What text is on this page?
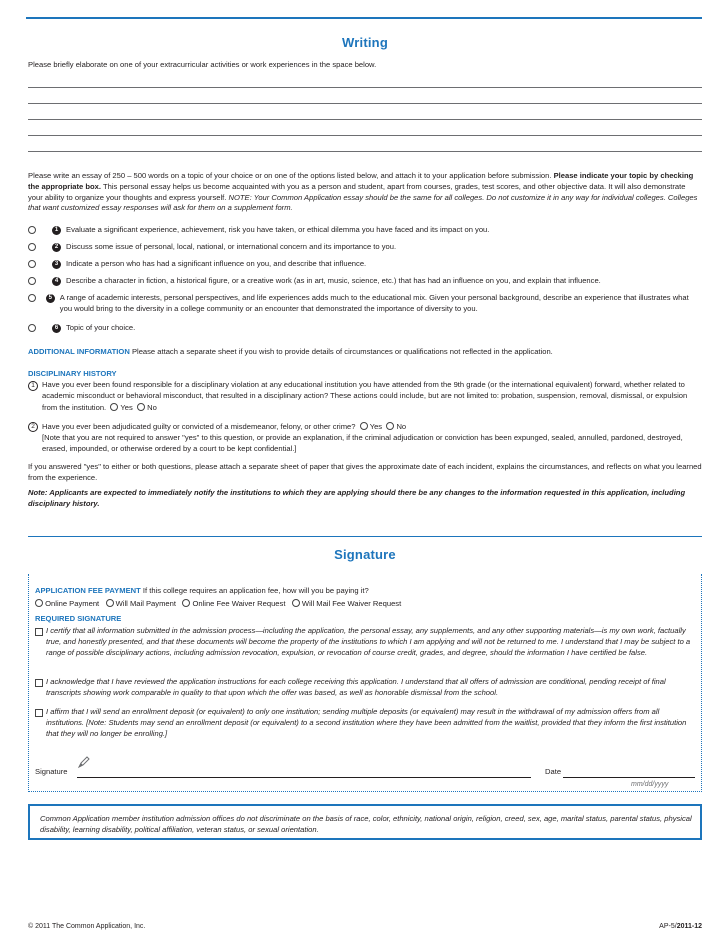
Writing
Please briefly elaborate on one of your extracurricular activities or work experiences in the space below.
Please write an essay of 250 – 500 words on a topic of your choice or on one of the options listed below, and attach it to your application before submission. Please indicate your topic by checking the appropriate box. This personal essay helps us become acquainted with you as a person and student, apart from courses, grades, test scores, and other objective data. It will also demonstrate your ability to organize your thoughts and express yourself. NOTE: Your Common Application essay should be the same for all colleges. Do not customize it in any way for individual colleges. Colleges that want customized essay responses will ask for them on a supplement form.
1	Evaluate a significant experience, achievement, risk you have taken, or ethical dilemma you have faced and its impact on you.
2	Discuss some issue of personal, local, national, or international concern and its importance to you.
3	Indicate a person who has had a significant influence on you, and describe that influence.
4	Describe a character in fiction, a historical figure, or a creative work (as in art, music, science, etc.) that has had an influence on you, and explain that influence.
5	A range of academic interests, personal perspectives, and life experiences adds much to the educational mix. Given your personal background, describe an experience that illustrates what you would bring to the diversity in a college community or an encounter that demonstrated the importance of diversity to you.
6	Topic of your choice.
ADDITIONAL INFORMATION Please attach a separate sheet if you wish to provide details of circumstances or qualifications not reflected in the application.
DISCIPLINARY HISTORY
1 Have you ever been found responsible for a disciplinary violation at any educational institution you have attended from the 9th grade (or the international equivalent) forward, whether related to academic misconduct or behavioral misconduct, that resulted in a disciplinary action? These actions could include, but are not limited to: probation, suspension, removal, dismissal, or expulsion from the institution. Yes No
2 Have you ever been adjudicated guilty or convicted of a misdemeanor, felony, or other crime? Yes No
[Note that you are not required to answer "yes" to this question, or provide an explanation, if the criminal adjudication or conviction has been expunged, sealed, annulled, pardoned, destroyed, erased, impounded, or otherwise ordered by a court to be kept confidential.]
If you answered "yes" to either or both questions, please attach a separate sheet of paper that gives the approximate date of each incident, explains the circumstances, and reflects on what you learned from the experience.
Note: Applicants are expected to immediately notify the institutions to which they are applying should there be any changes to the information requested in this application, including disciplinary history.
Signature
APPLICATION FEE PAYMENT If this college requires an application fee, how will you be paying it?
Online Payment Will Mail Payment Online Fee Waiver Request Will Mail Fee Waiver Request
REQUIRED SIGNATURE
I certify that all information submitted in the admission process—including the application, the personal essay, any supplements, and any other supporting materials—is my own work, factually true, and honestly presented, and that these documents will become the property of the institutions to which I am applying and will not be returned to me. I understand that I may be subject to a range of possible disciplinary actions, including admission revocation, expulsion, or revocation of course credit, grades, and degree, should the information I have certified be false.
I acknowledge that I have reviewed the application instructions for each college receiving this application. I understand that all offers of admission are conditional, pending receipt of final transcripts showing work comparable in quality to that upon which the offer was based, as well as honorable dismissal from the school.
I affirm that I will send an enrollment deposit (or equivalent) to only one institution; sending multiple deposits (or equivalent) may result in the withdrawal of my admission offers from all institutions. [Note: Students may send an enrollment deposit (or equivalent) to a second institution where they have been admitted from the waitlist, provided that they inform the first institution that they will no longer be enrolling.]
Signature	Date
mm/dd/yyyy
Common Application member institution admission offices do not discriminate on the basis of race, color, ethnicity, national origin, religion, creed, sex, age, marital status, parental status, physical disability, learning disability, political affiliation, veteran status, or sexual orientation.
© 2011 The Common Application, Inc.	AP-5/2011-12
